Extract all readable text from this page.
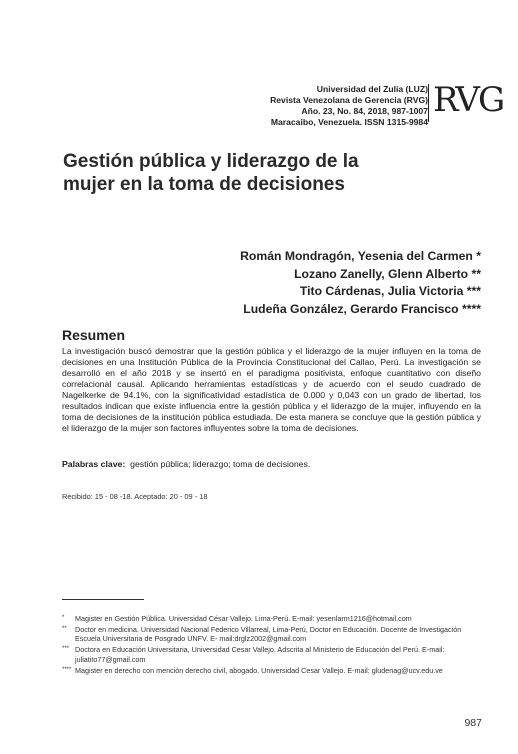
Universidad del Zulia (LUZ)
Revista Venezolana de Gerencia (RVG)
Año. 23, No. 84, 2018, 987-1007
Maracaibo, Venezuela. ISSN 1315-9984
RVG
Gestión pública y liderazgo de la mujer en la toma de decisiones
Román Mondragón, Yesenia del Carmen *
Lozano Zanelly, Glenn Alberto **
Tito Cárdenas, Julia Victoria ***
Ludeña González, Gerardo Francisco ****
Resumen
La investigación buscó demostrar que la gestión pública y el liderazgo de la mujer influyen en la toma de decisiones en una Institución Pública de la Provincia Constitucional del Callao, Perú. La investigación se desarrolló en el año 2018 y se insertó en el paradigma positivista, enfoque cuantitativo con diseño correlacional causal. Aplicando herramientas estadísticas y de acuerdo con el seudo cuadrado de Nagelkerke de 94.1%, con la significatividad estadística de 0.000 y 0,043 con un grado de libertad, los resultados indican que existe influencia entre la gestión pública y el liderazgo de la mujer, influyendo en la toma de decisiones de la institución pública estudiada. De esta manera se concluye que la gestión pública y el liderazgo de la mujer son factores influyentes sobre la toma de decisiones.
Palabras clave: gestión pública; liderazgo; toma de decisiones.
Recibido: 15 - 08 -18. Aceptado: 20 - 09 - 18
*	Magister en Gestión Pública. Universidad César Vallejo. Lima-Perú. E-mail: yesenlarm1216@hotmail.com
**	Doctor en medicina. Universidad Nacional Federico Villarreal, Lima-Perú, Doctor en Educación. Docente de Investigación Escuela Universitaria de Posgrado UNFV. E- mail:drglz2002@gmail.com
*** Doctora en Educación Universitaria, Universidad Cesar Vallejo. Adscrita al Ministerio de Educación del Perú. E-mail: juliatito77@gmail.com
**** Magister en derecho con mención derecho civil, abogado. Universidad Cesar Vallejo. E-mail: gludenag@ucv.edu.ve
987
